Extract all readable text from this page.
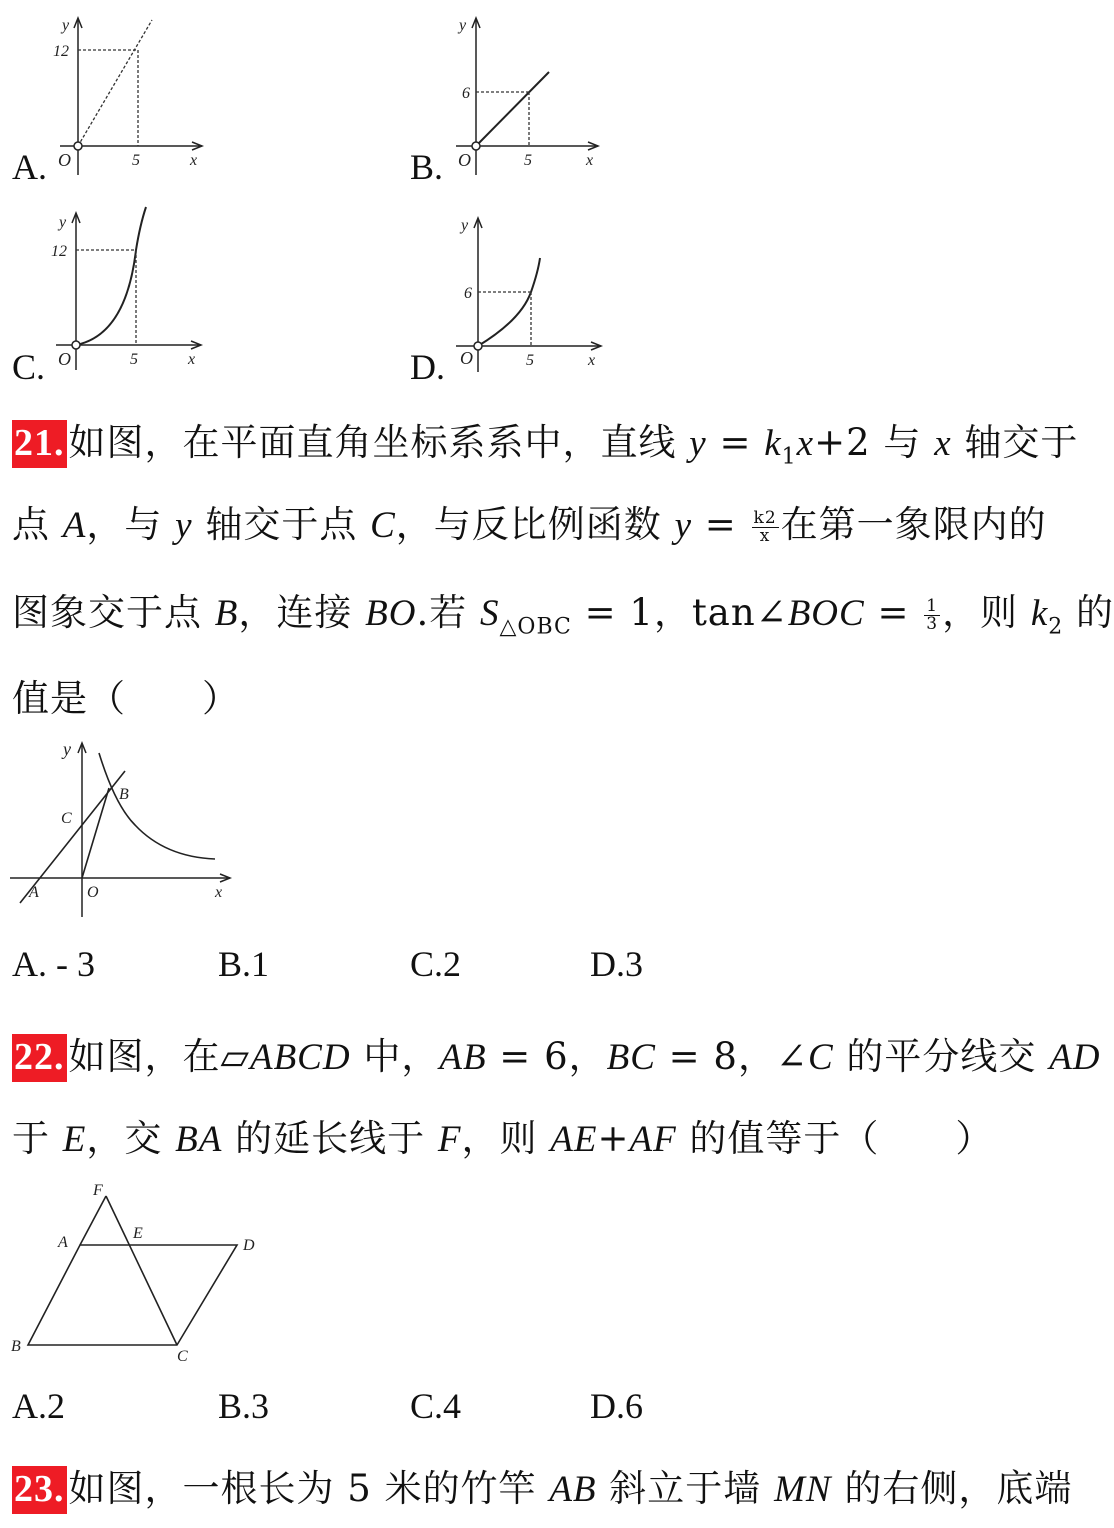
A.
y
x
O	5
12
B.
y
x
O	5
6
C.
y
x
O	5
12
D.
y
x
O	5
6
21. 如图，在平面直角坐标系系中，直线 $y = k_1x+2$ 与 x 轴交于
点 A，与 y 轴交于点 C，与反比例函数 $y = \frac{k2}{x}$ 在第一象限内的
图象交于点 B，连接 BO.若 $S_{\triangle OBC} = 1$，tan∠BOC = $\frac{1}{3}$ ，则 $k_2$ 的
值是（　　）
y
x
A
B
C
O
A. - 3	B.1	C.2	D.3
22. 如图，在▱ABCD 中，AB = 6，BC = 8，∠C 的平分线交 AD
于 E，交 BA 的延长线于 F，则 AE+AF 的值等于（　　）
F
A
E
D
B
C
A.2	B.3	C.4	D.6
23. 如图，一根长为 5 米的竹竿 AB 斜立于墙 MN 的右侧，底端
